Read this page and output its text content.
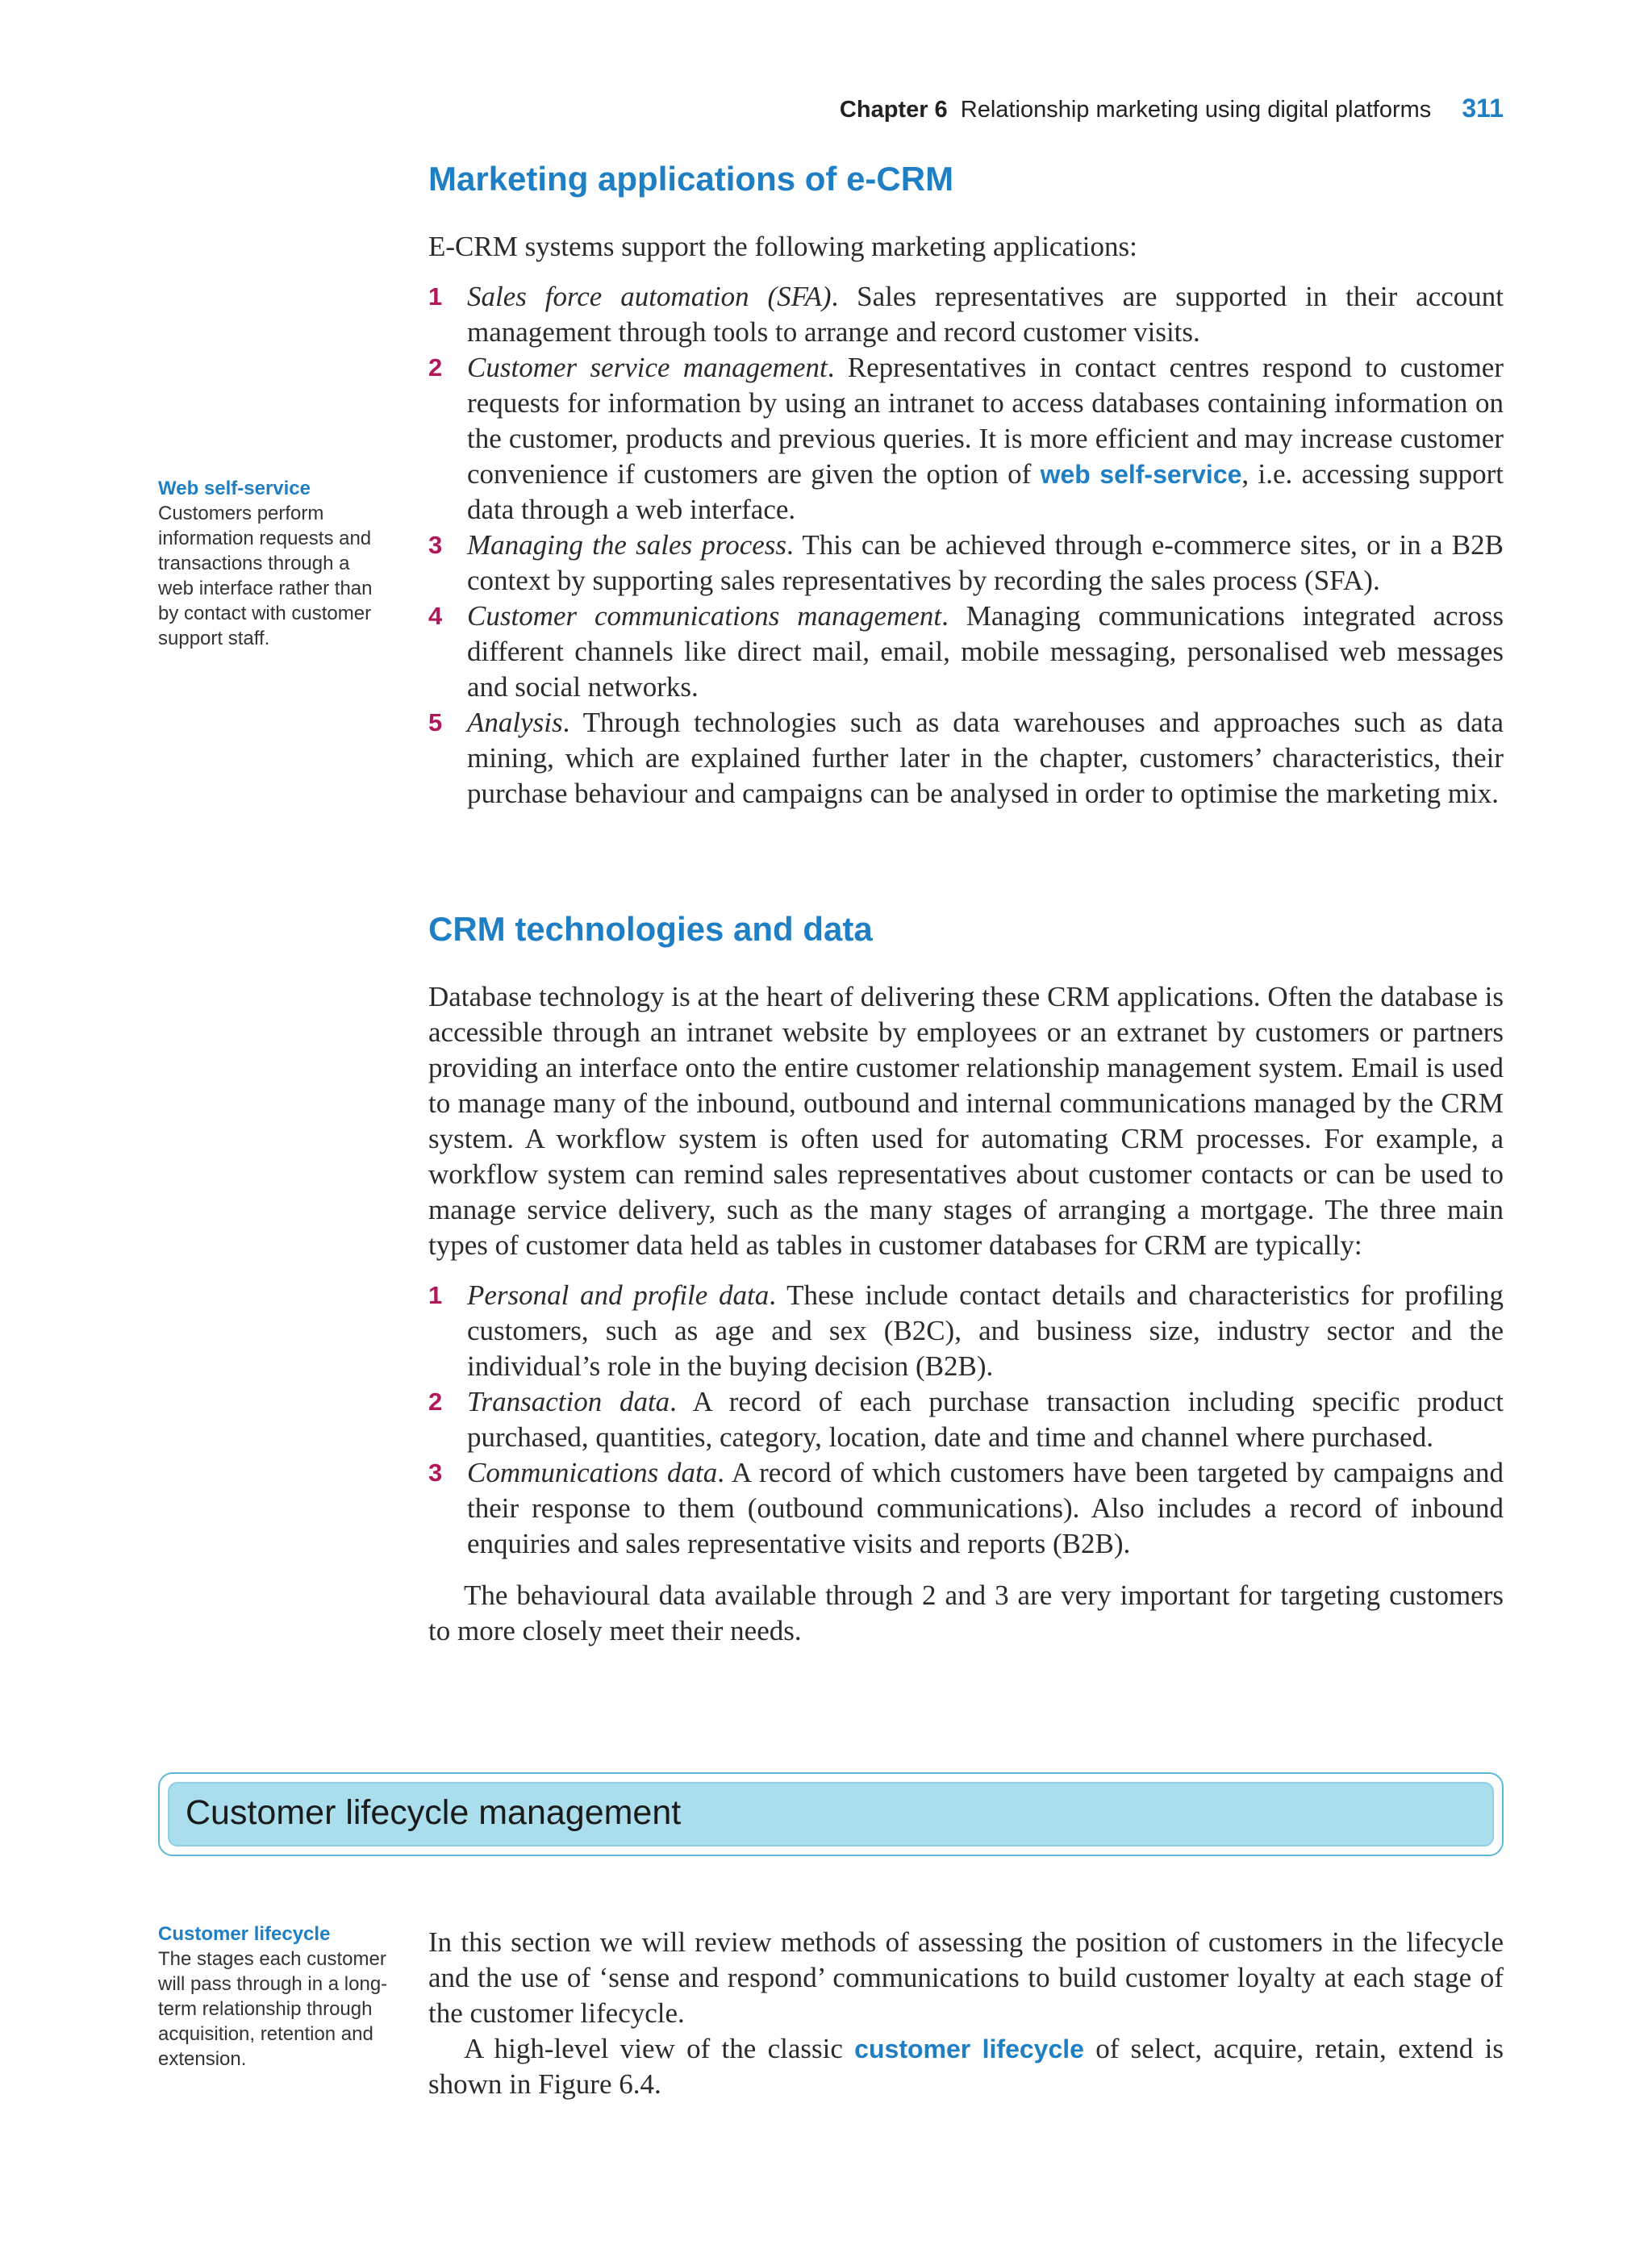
Chapter 6 Relationship marketing using digital platforms 311
Marketing applications of e-CRM

E-CRM systems support the following marketing applications:

1 Sales force automation (SFA). Sales representatives are supported in their account management through tools to arrange and record customer visits.
2 Customer service management. Representatives in contact centres respond to customer requests for information by using an intranet to access databases containing information on the customer, products and previous queries. It is more efficient and may increase customer convenience if customers are given the option of web self-service, i.e. accessing support data through a web interface.
3 Managing the sales process. This can be achieved through e-commerce sites, or in a B2B context by supporting sales representatives by recording the sales process (SFA).
4 Customer communications management. Managing communications integrated across different channels like direct mail, email, mobile messaging, personalised web messages and social networks.
5 Analysis. Through technologies such as data warehouses and approaches such as data mining, which are explained further later in the chapter, customers’ characteristics, their purchase behaviour and campaigns can be analysed in order to optimise the marketing mix.
Web self-service
Customers perform information requests and transactions through a web interface rather than by contact with customer support staff.
CRM technologies and data

Database technology is at the heart of delivering these CRM applications. Often the database is accessible through an intranet website by employees or an extranet by customers or partners providing an interface onto the entire customer relationship management system. Email is used to manage many of the inbound, outbound and internal communications managed by the CRM system. A workflow system is often used for automating CRM processes. For example, a workflow system can remind sales representatives about customer contacts or can be used to manage service delivery, such as the many stages of arranging a mortgage. The three main types of customer data held as tables in customer databases for CRM are typically:

1 Personal and profile data. These include contact details and characteristics for profiling customers, such as age and sex (B2C), and business size, industry sector and the individual’s role in the buying decision (B2B).
2 Transaction data. A record of each purchase transaction including specific product purchased, quantities, category, location, date and time and channel where purchased.
3 Communications data. A record of which customers have been targeted by campaigns and their response to them (outbound communications). Also includes a record of inbound enquiries and sales representative visits and reports (B2B).

The behavioural data available through 2 and 3 are very important for targeting customers to more closely meet their needs.

Customer lifecycle management
Customer lifecycle
The stages each customer will pass through in a long-term relationship through acquisition, retention and extension.

In this section we will review methods of assessing the position of customers in the lifecycle and the use of ‘sense and respond’ communications to build customer loyalty at each stage of the customer lifecycle.

A high-level view of the classic customer lifecycle of select, acquire, retain, extend is shown in Figure 6.4.
